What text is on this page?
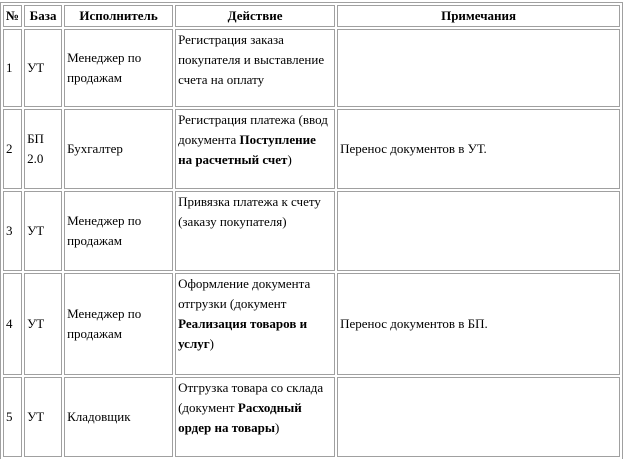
№	База	Исполнитель	Действие	Примечания
1	УТ	Менеджер по продажам	Регистрация заказа покупателя и выставление счета на оплату	
2	БП 2.0	Бухгалтер	Регистрация платежа (ввод документа Поступление на расчетный счет)	Перенос документов в УТ.
3	УТ	Менеджер по продажам	Привязка платежа к счету (заказу покупателя)	
4	УТ	Менеджер по продажам	Оформление документа отгрузки (документ Реализация товаров и услуг)	Перенос документов в БП.
5	УТ	Кладовщик	Отгрузка товара со склада (документ Расходный ордер на товары)	
